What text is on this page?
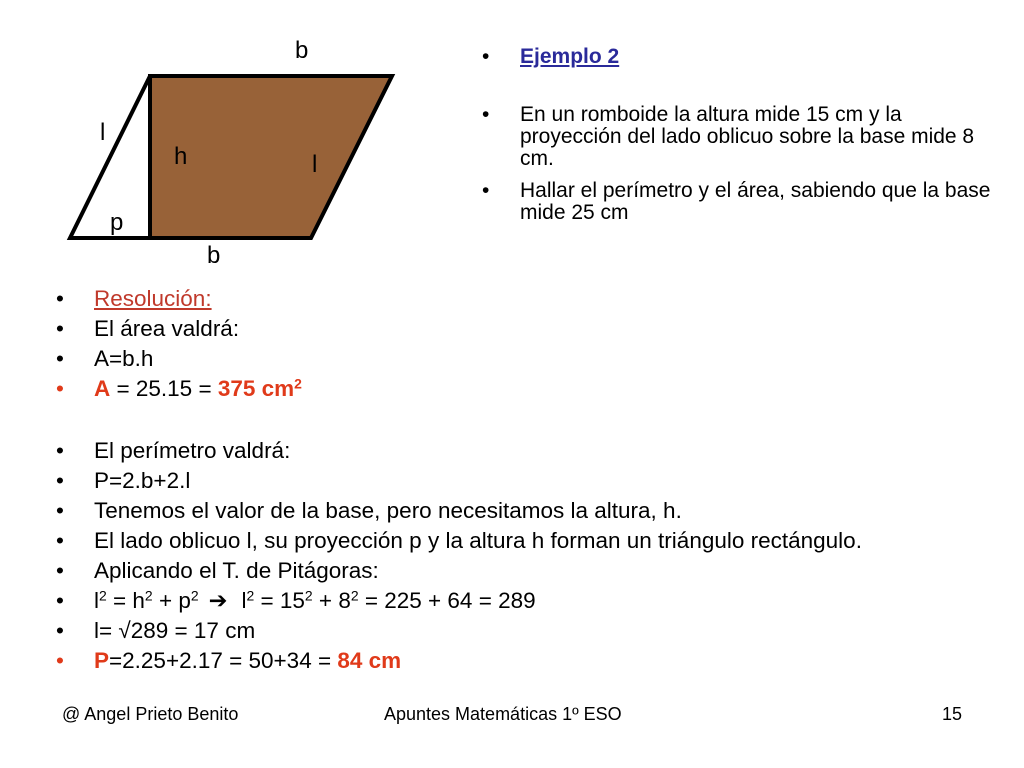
b
l
h	l
p
b
• Ejemplo 2
• En un romboide la altura mide 15 cm y la proyección del lado oblicuo sobre la base mide 8 cm.
• Hallar el perímetro y el área, sabiendo que la base mide 25 cm
• Resolución:
• El área valdrá:
• A=b.h
• A = 25.15 = 375 $cm^2$
• El perímetro valdrá:
• P=2.b+2.l
• Tenemos el valor de la base, pero necesitamos la altura, h.
• El lado oblicuo l, su proyección p y la altura h forman un triángulo rectángulo.
• Aplicando el T. de Pitágoras:
• $l^2 = h^2 + p^2$ ➔ $l^2 = 15^2 + 8^2 = 225 + 64 = 289$
• l= √289 = 17 cm
• P=2.25+2.17 = 50+34 = 84 cm
@ Angel Prieto Benito	Apuntes Matemáticas 1º ESO	15
